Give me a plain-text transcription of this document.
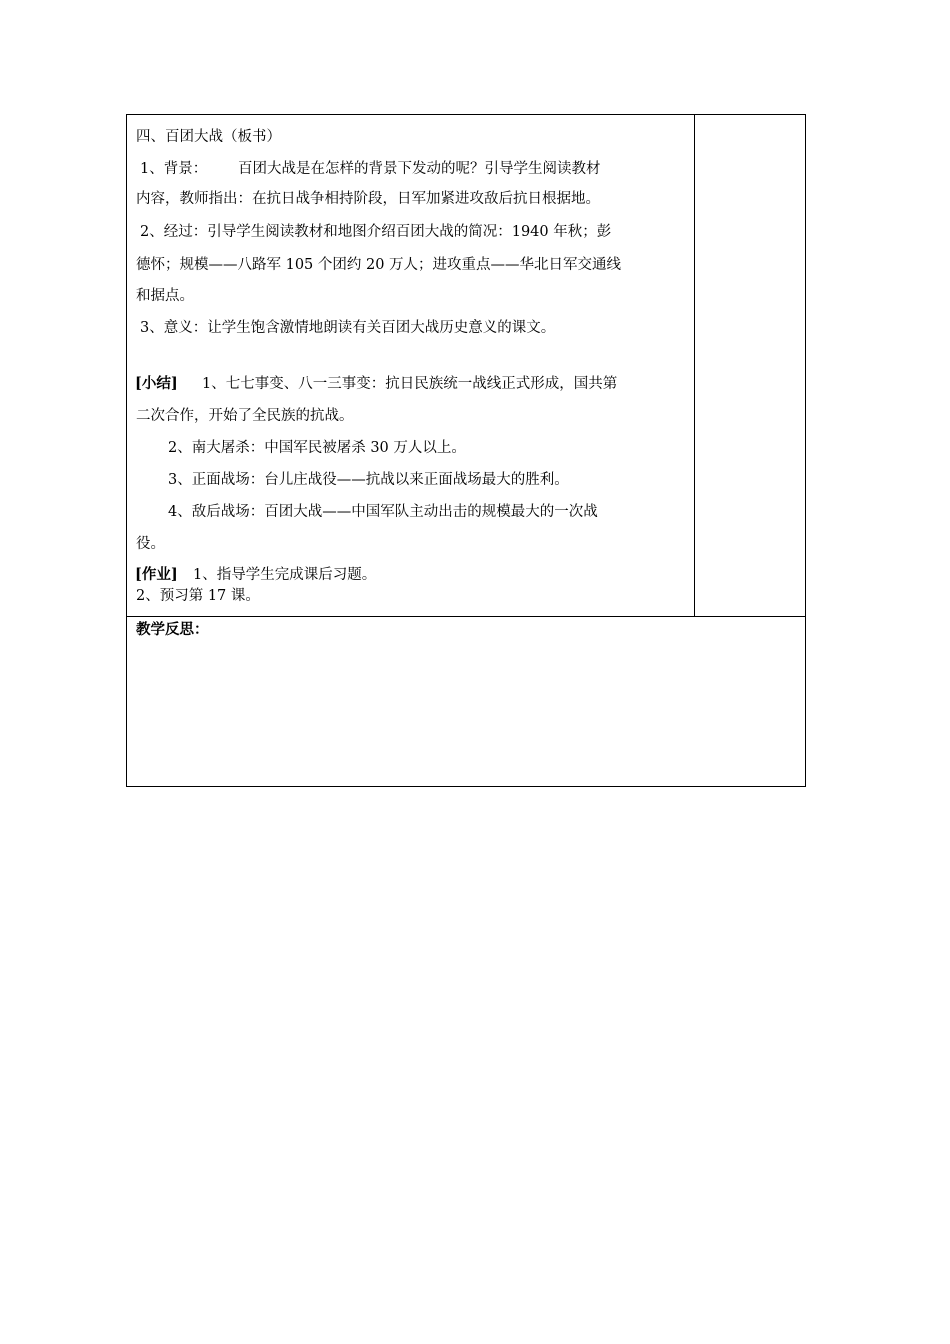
四、百团大战（板书）
1、背景： 百团大战是在怎样的背景下发动的呢？引导学生阅读教材
内容，教师指出：在抗日战争相持阶段，日军加紧进攻敌后抗日根据地。
2、经过：引导学生阅读教材和地图介绍百团大战的简况：1940 年秋；彭
德怀；规模——八路军 105 个团约 20 万人；进攻重点——华北日军交通线
和据点。
3、意义：让学生饱含激情地朗读有关百团大战历史意义的课文。
[小结] 1、七七事变、八一三事变：抗日民族统一战线正式形成，国共第
二次合作，开始了全民族的抗战。
2、南大屠杀：中国军民被屠杀 30 万人以上。
3、正面战场：台儿庄战役——抗战以来正面战场最大的胜利。
4、敌后战场：百团大战——中国军队主动出击的规模最大的一次战
役。
[作业] 1、指导学生完成课后习题。
2、预习第 17 课。
教学反思：
